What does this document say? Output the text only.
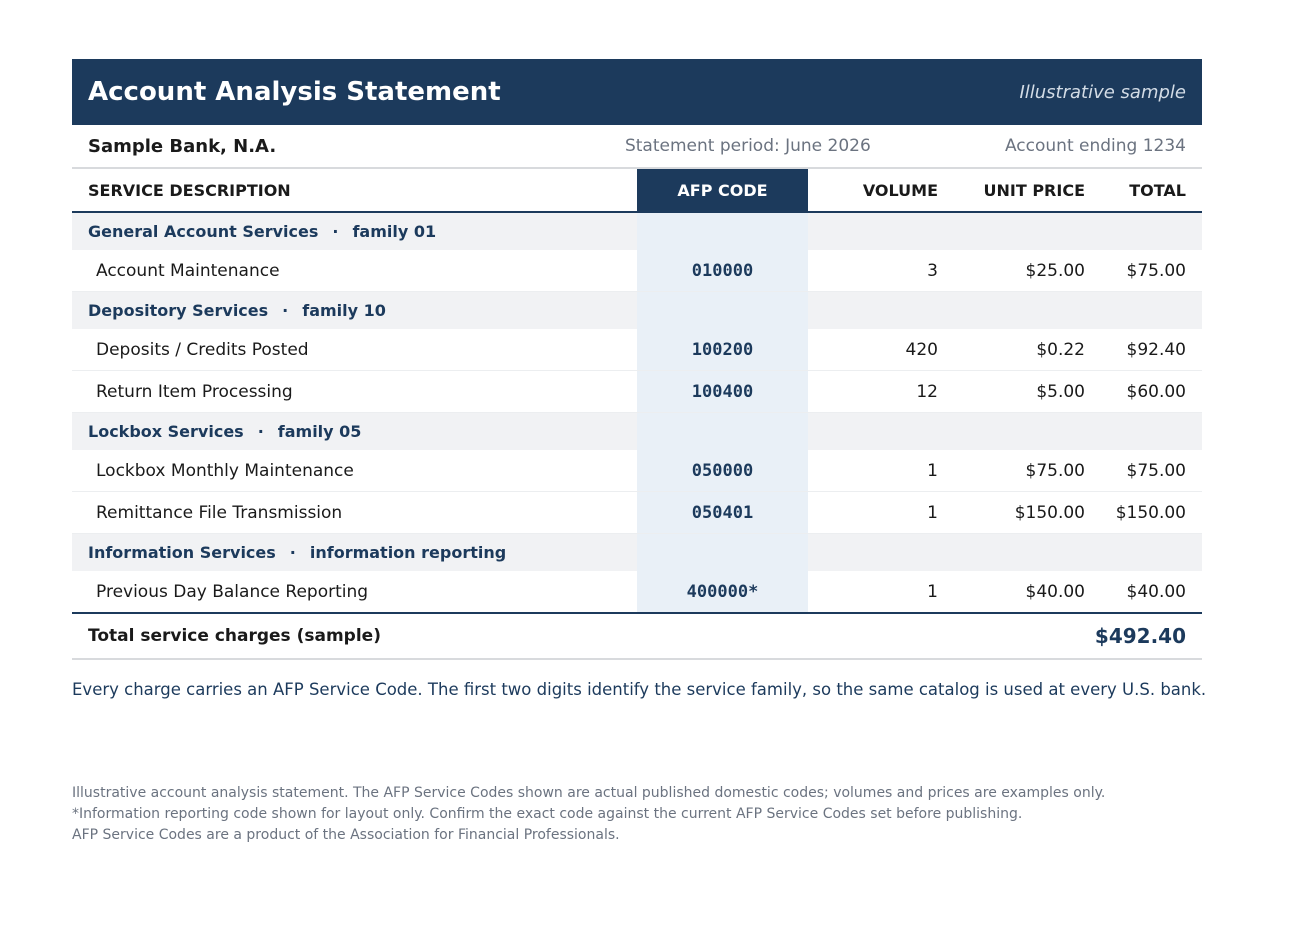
Account Analysis Statement	Illustrative sample
Sample Bank, N.A.	Statement period: June 2026	Account ending 1234
SERVICE DESCRIPTION	AFP CODE	VOLUME	UNIT PRICE	TOTAL
General Account Services · family 01				
Account Maintenance	010000	3	$25.00	$75.00
Depository Services · family 10				
Deposits / Credits Posted	100200	420	$0.22	$92.40
Return Item Processing	100400	12	$5.00	$60.00
Lockbox Services · family 05				
Lockbox Monthly Maintenance	050000	1	$75.00	$75.00
Remittance File Transmission	050401	1	$150.00	$150.00
Information Services · information reporting				
Previous Day Balance Reporting	400000*	1	$40.00	$40.00
Total service charges (sample)	$492.40
Every charge carries an AFP Service Code. The first two digits identify the service family, so the same catalog is used at every U.S. bank.
Illustrative account analysis statement. The AFP Service Codes shown are actual published domestic codes; volumes and prices are examples only.
*Information reporting code shown for layout only. Confirm the exact code against the current AFP Service Codes set before publishing.
AFP Service Codes are a product of the Association for Financial Professionals.
